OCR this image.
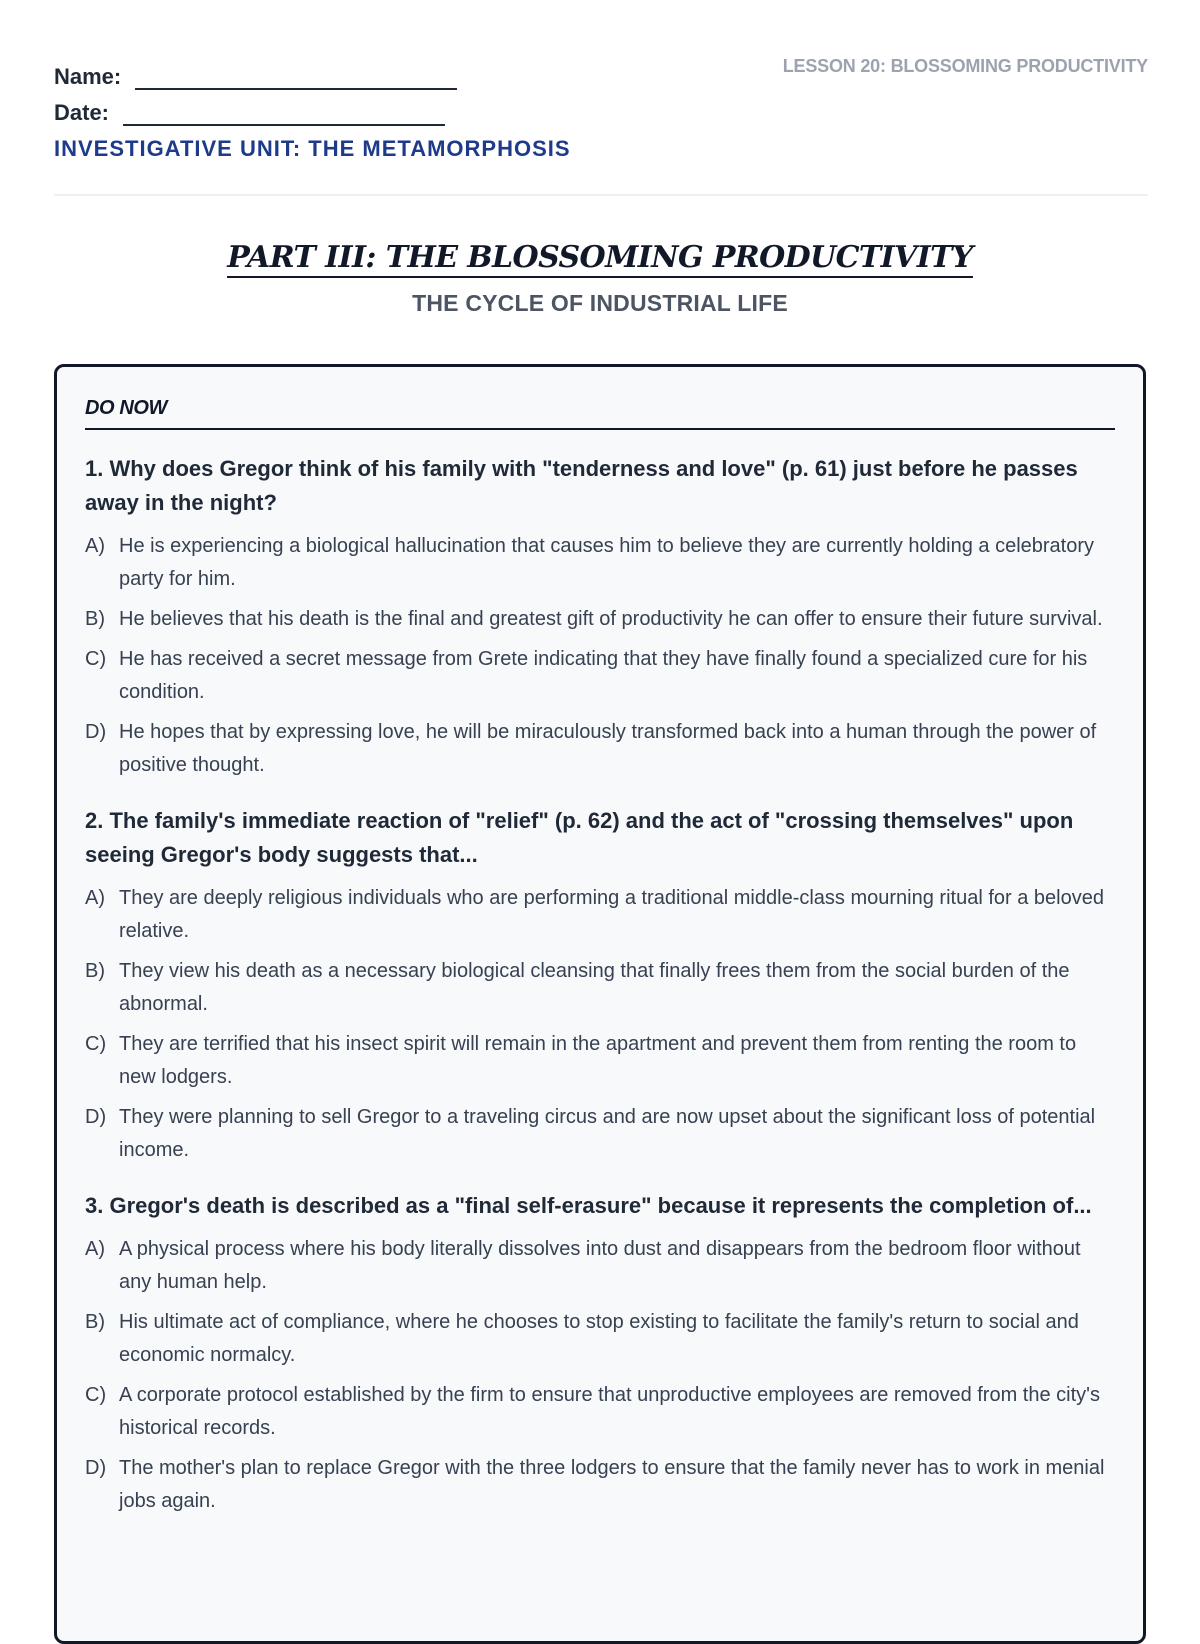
Name:
Date:
INVESTIGATIVE UNIT: THE METAMORPHOSIS
LESSON 20: BLOSSOMING PRODUCTIVITY
PART III: THE BLOSSOMING PRODUCTIVITY
THE CYCLE OF INDUSTRIAL LIFE
DO NOW
1. Why does Gregor think of his family with "tenderness and love" (p. 61) just before he passes away in the night?
A) He is experiencing a biological hallucination that causes him to believe they are currently holding a celebratory party for him.
B) He believes that his death is the final and greatest gift of productivity he can offer to ensure their future survival.
C) He has received a secret message from Grete indicating that they have finally found a specialized cure for his condition.
D) He hopes that by expressing love, he will be miraculously transformed back into a human through the power of positive thought.
2. The family's immediate reaction of "relief" (p. 62) and the act of "crossing themselves" upon seeing Gregor's body suggests that...
A) They are deeply religious individuals who are performing a traditional middle-class mourning ritual for a beloved relative.
B) They view his death as a necessary biological cleansing that finally frees them from the social burden of the abnormal.
C) They are terrified that his insect spirit will remain in the apartment and prevent them from renting the room to new lodgers.
D) They were planning to sell Gregor to a traveling circus and are now upset about the significant loss of potential income.
3. Gregor's death is described as a "final self-erasure" because it represents the completion of...
A) A physical process where his body literally dissolves into dust and disappears from the bedroom floor without any human help.
B) His ultimate act of compliance, where he chooses to stop existing to facilitate the family's return to social and economic normalcy.
C) A corporate protocol established by the firm to ensure that unproductive employees are removed from the city's historical records.
D) The mother's plan to replace Gregor with the three lodgers to ensure that the family never has to work in menial jobs again.
